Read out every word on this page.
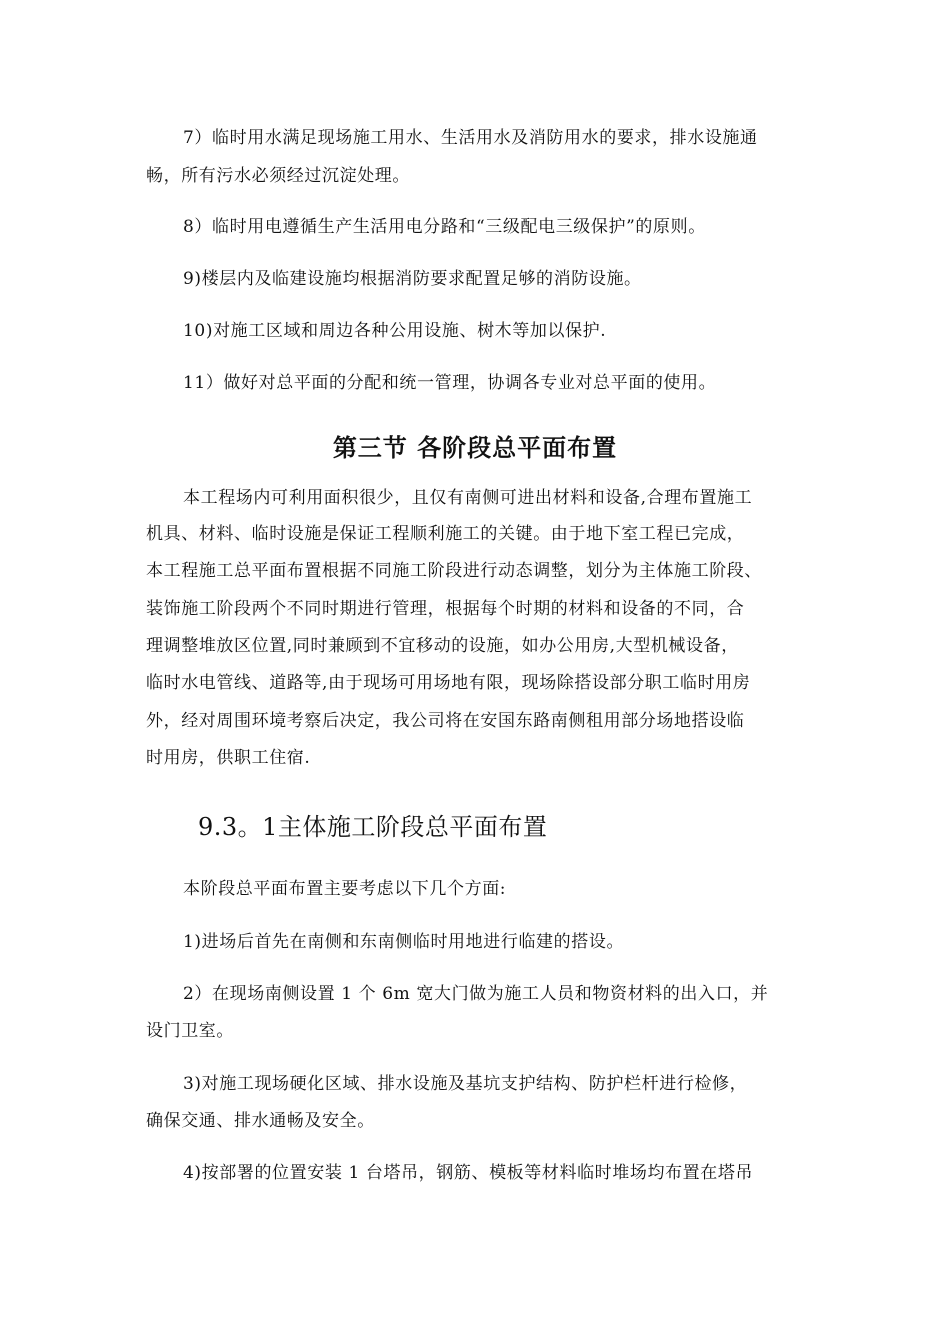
7）临时用水满足现场施工用水、生活用水及消防用水的要求，排水设施通
畅，所有污水必须经过沉淀处理。
8）临时用电遵循生产生活用电分路和“三级配电三级保护”的原则。
9)楼层内及临建设施均根据消防要求配置足够的消防设施。
10)对施工区域和周边各种公用设施、树木等加以保护.
11）做好对总平面的分配和统一管理，协调各专业对总平面的使用。
第三节 各阶段总平面布置
本工程场内可利用面积很少，且仅有南侧可进出材料和设备,合理布置施工
机具、材料、临时设施是保证工程顺利施工的关键。由于地下室工程已完成，
本工程施工总平面布置根据不同施工阶段进行动态调整，划分为主体施工阶段、
装饰施工阶段两个不同时期进行管理，根据每个时期的材料和设备的不同，合
理调整堆放区位置,同时兼顾到不宜移动的设施，如办公用房,大型机械设备，
临时水电管线、道路等,由于现场可用场地有限，现场除搭设部分职工临时用房
外，经对周围环境考察后决定，我公司将在安国东路南侧租用部分场地搭设临
时用房，供职工住宿.
9.3。1主体施工阶段总平面布置
本阶段总平面布置主要考虑以下几个方面:
1)进场后首先在南侧和东南侧临时用地进行临建的搭设。
2）在现场南侧设置 1 个 6m 宽大门做为施工人员和物资材料的出入口，并
设门卫室。
3)对施工现场硬化区域、排水设施及基坑支护结构、防护栏杆进行检修，
确保交通、排水通畅及安全。
4)按部署的位置安装 1 台塔吊，钢筋、模板等材料临时堆场均布置在塔吊
